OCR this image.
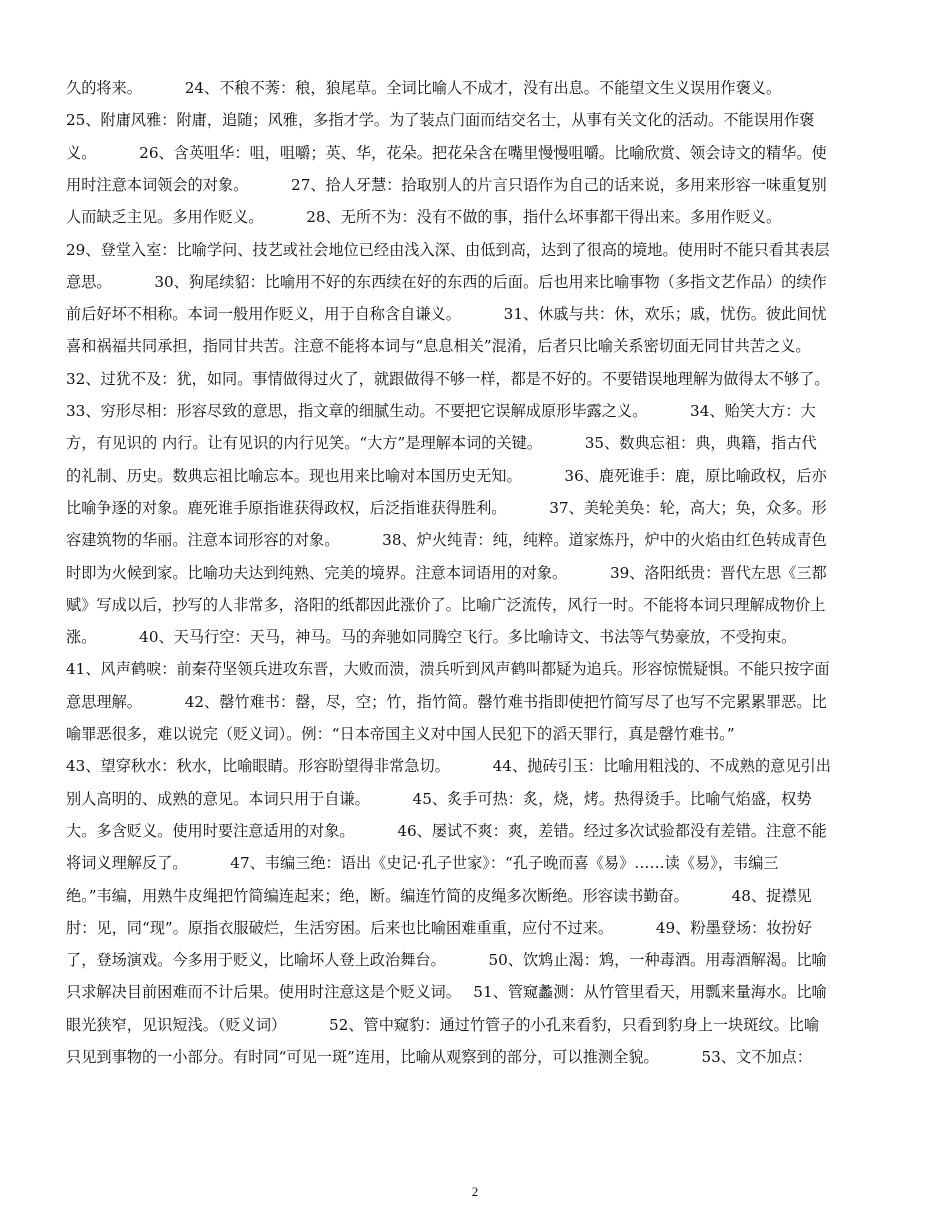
久的将来。　　　 24、不稂不莠：稂，狼尾草。全词比喻人不成才，没有出息。不能望文生义误用作褒义。
25、附庸风雅：附庸，追随；风雅，多指才学。为了装点门面而结交名士，从事有关文化的活动。不能误用作褒
义。　　　 26、含英咀华：咀，咀嚼；英、华，花朵。把花朵含在嘴里慢慢咀嚼。比喻欣赏、领会诗文的精华。使
用时注意本词领会的对象。　　　 27、拾人牙慧：拾取别人的片言只语作为自己的话来说，多用来形容一味重复别
人而缺乏主见。多用作贬义。　　　 28、无所不为：没有不做的事，指什么坏事都干得出来。多用作贬义。
29、登堂入室：比喻学问、技艺或社会地位已经由浅入深、由低到高，达到了很高的境地。使用时不能只看其表层
意思。　　　 30、狗尾续貂：比喻用不好的东西续在好的东西的后面。后也用来比喻事物（多指文艺作品）的续作
前后好坏不相称。本词一般用作贬义，用于自称含自谦义。　　　 31、休戚与共：休，欢乐；戚，忧伤。彼此间忧
喜和祸福共同承担，指同甘共苦。注意不能将本词与“息息相关”混淆，后者只比喻关系密切面无同甘共苦之义。
32、过犹不及：犹，如同。事情做得过火了，就跟做得不够一样，都是不好的。不要错误地理解为做得太不够了。
33、穷形尽相：形容尽致的意思，指文章的细腻生动。不要把它误解成原形毕露之义。　　　 34、贻笑大方：大
方，有见识的 内行。让有见识的内行见笑。“大方”是理解本词的关键。　　　 35、数典忘祖：典，典籍，指古代
的礼制、历史。数典忘祖比喻忘本。现也用来比喻对本国历史无知。　　　 36、鹿死谁手：鹿，原比喻政权，后亦
比喻争逐的对象。鹿死谁手原指谁获得政权，后泛指谁获得胜利。　　　 37、美轮美奂：轮，高大；奂，众多。形
容建筑物的华丽。注意本词形容的对象。　　　 38、炉火纯青：纯，纯粹。道家炼丹，炉中的火焰由红色转成青色
时即为火候到家。比喻功夫达到纯熟、完美的境界。注意本词语用的对象。　　　 39、洛阳纸贵：晋代左思《三都
赋》写成以后，抄写的人非常多，洛阳的纸都因此涨价了。比喻广泛流传，风行一时。不能将本词只理解成物价上
涨。　　　 40、天马行空：天马，神马。马的奔驰如同腾空飞行。多比喻诗文、书法等气势豪放，不受拘束。
41、风声鹤唳：前秦苻坚领兵进攻东晋，大败而溃，溃兵听到风声鹤叫都疑为追兵。形容惊慌疑惧。不能只按字面
意思理解。　　　 42、罄竹难书：罄，尽，空；竹，指竹简。罄竹难书指即使把竹简写尽了也写不完累累罪恶。比
喻罪恶很多，难以说完（贬义词）。例：“日本帝国主义对中国人民犯下的滔天罪行，真是罄竹难书。”
43、望穿秋水：秋水，比喻眼睛。形容盼望得非常急切。　　　 44、抛砖引玉：比喻用粗浅的、不成熟的意见引出
别人高明的、成熟的意见。本词只用于自谦。　　　 45、炙手可热：炙，烧，烤。热得烫手。比喻气焰盛，权势
大。多含贬义。使用时要注意适用的对象。　　　 46、屡试不爽：爽，差错。经过多次试验都没有差错。注意不能
将词义理解反了。　　　 47、韦编三绝：语出《史记·孔子世家》：“孔子晚而喜《易》……读《易》，韦编三
绝。”韦编，用熟牛皮绳把竹简编连起来；绝，断。编连竹简的皮绳多次断绝。形容读书勤奋。　　　 48、捉襟见
肘：见，同“现”。原指衣服破烂，生活穷困。后来也比喻困难重重，应付不过来。　　　 49、粉墨登场：妆扮好
了，登场演戏。今多用于贬义，比喻坏人登上政治舞台。　　　 50、饮鸩止渴：鸩，一种毒酒。用毒酒解渴。比喻
只求解决目前困难而不计后果。使用时注意这是个贬义词。　 51、管窥蠡测：从竹管里看天，用瓢来量海水。比喻
眼光狭窄，见识短浅。（贬义词）　　　 52、管中窥豹：通过竹管子的小孔来看豹，只看到豹身上一块斑纹。比喻
只见到事物的一小部分。有时同“可见一斑”连用，比喻从观察到的部分，可以推测全貌。　　　 53、文不加点：
2
